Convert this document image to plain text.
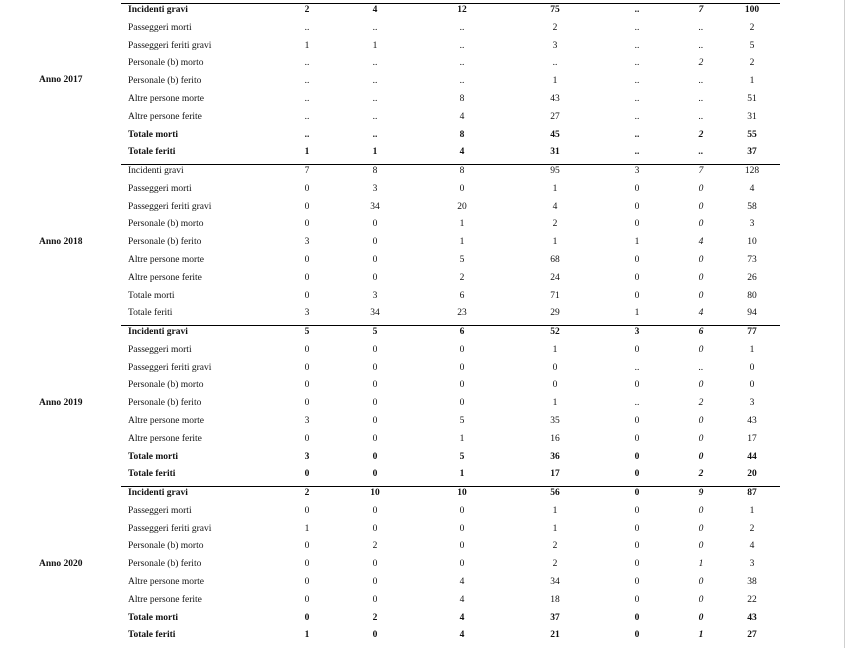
Anno 2017
Incidenti gravi	2	4	12	75	..	7	100
Passeggeri morti	..	..	..	2	..	..	2
Passeggeri feriti gravi	1	1	..	3	..	..	5
Personale (b) morto	..	..	..	..	..	2	2
Personale (b) ferito	..	..	..	1	..	..	1
Altre persone morte	..	..	8	43	..	..	51
Altre persone ferite	..	..	4	27	..	..	31
Totale morti	..	..	8	45	..	2	55
Totale feriti	1	1	4	31	..	..	37
Anno 2018
Incidenti gravi	7	8	8	95	3	7	128
Passeggeri morti	0	3	0	1	0	0	4
Passeggeri feriti gravi	0	34	20	4	0	0	58
Personale (b) morto	0	0	1	2	0	0	3
Personale (b) ferito	3	0	1	1	1	4	10
Altre persone morte	0	0	5	68	0	0	73
Altre persone ferite	0	0	2	24	0	0	26
Totale morti	0	3	6	71	0	0	80
Totale feriti	3	34	23	29	1	4	94
Anno 2019
Incidenti gravi	5	5	6	52	3	6	77
Passeggeri morti	0	0	0	1	0	0	1
Passeggeri feriti gravi	0	0	0	0	..	..	0
Personale (b) morto	0	0	0	0	0	0	0
Personale (b) ferito	0	0	0	1	..	2	3
Altre persone morte	3	0	5	35	0	0	43
Altre persone ferite	0	0	1	16	0	0	17
Totale morti	3	0	5	36	0	0	44
Totale feriti	0	0	1	17	0	2	20
Anno 2020
Incidenti gravi	2	10	10	56	0	9	87
Passeggeri morti	0	0	0	1	0	0	1
Passeggeri feriti gravi	1	0	0	1	0	0	2
Personale (b) morto	0	2	0	2	0	0	4
Personale (b) ferito	0	0	0	2	0	1	3
Altre persone morte	0	0	4	34	0	0	38
Altre persone ferite	0	0	4	18	0	0	22
Totale morti	0	2	4	37	0	0	43
Totale feriti	1	0	4	21	0	1	27
